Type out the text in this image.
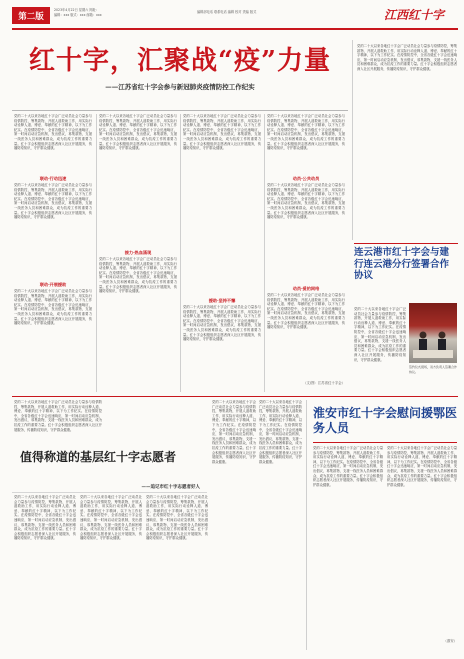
第二版
2023年4月22日 星期六 网址：
编辑：xxx 版式：xxx 邮箱：xxx
编辑部电话 联系电话 编辑 校对 责编 版式	江西红十字
红十字，汇聚战“疫”力量
——江苏省红十字会参与新冠肺炎疫情防控工作纪实
党的二十大以来各地红十字会广泛动员社会力量参与疫情防控，筹集款物，开展人道救助工作，用实际行动诠释人道、博爱、奉献的红十字精神，以下为工作纪实。在疫情防控中，全省各级红十字会迅速响应，第一时间启动应急机制，发出倡议，募集款物，支援一线医务人员和困难群众，成为抗疫工作的重要力量。红十字会积极组织志愿者深入社区开展服务，传播防疫知识，守护群众健康。
联动·行动迅速
党的二十大以来各地红十字会广泛动员社会力量参与疫情防控，筹集款物，开展人道救助工作，用实际行动诠释人道、博爱、奉献的红十字精神，以下为工作纪实。在疫情防控中，全省各级红十字会迅速响应，第一时间启动应急机制，发出倡议，募集款物，支援一线医务人员和困难群众，成为抗疫工作的重要力量。红十字会积极组织志愿者深入社区开展服务，传播防疫知识，守护群众健康。
联动·开展援助
党的二十大以来各地红十字会广泛动员社会力量参与疫情防控，筹集款物，开展人道救助工作，用实际行动诠释人道、博爱、奉献的红十字精神，以下为工作纪实。在疫情防控中，全省各级红十字会迅速响应，第一时间启动应急机制，发出倡议，募集款物，支援一线医务人员和困难群众，成为抗疫工作的重要力量。红十字会积极组织志愿者深入社区开展服务，传播防疫知识，守护群众健康。
党的二十大以来各地红十字会广泛动员社会力量参与疫情防控，筹集款物，开展人道救助工作，用实际行动诠释人道、博爱、奉献的红十字精神，以下为工作纪实。在疫情防控中，全省各级红十字会迅速响应，第一时间启动应急机制，发出倡议，募集款物，支援一线医务人员和困难群众，成为抗疫工作的重要力量。红十字会积极组织志愿者深入社区开展服务，传播防疫知识，守护群众健康。
接力·热血涌现
党的二十大以来各地红十字会广泛动员社会力量参与疫情防控，筹集款物，开展人道救助工作，用实际行动诠释人道、博爱、奉献的红十字精神，以下为工作纪实。在疫情防控中，全省各级红十字会迅速响应，第一时间启动应急机制，发出倡议，募集款物，支援一线医务人员和困难群众，成为抗疫工作的重要力量。红十字会积极组织志愿者深入社区开展服务，传播防疫知识，守护群众健康。
党的二十大以来各地红十字会广泛动员社会力量参与疫情防控，筹集款物，开展人道救助工作，用实际行动诠释人道、博爱、奉献的红十字精神，以下为工作纪实。在疫情防控中，全省各级红十字会迅速响应，第一时间启动应急机制，发出倡议，募集款物，支援一线医务人员和困难群众，成为抗疫工作的重要力量。红十字会积极组织志愿者深入社区开展服务，传播防疫知识，守护群众健康。
援助·坚持不懈
党的二十大以来各地红十字会广泛动员社会力量参与疫情防控，筹集款物，开展人道救助工作，用实际行动诠释人道、博爱、奉献的红十字精神，以下为工作纪实。在疫情防控中，全省各级红十字会迅速响应，第一时间启动应急机制，发出倡议，募集款物，支援一线医务人员和困难群众，成为抗疫工作的重要力量。红十字会积极组织志愿者深入社区开展服务，传播防疫知识，守护群众健康。
党的二十大以来各地红十字会广泛动员社会力量参与疫情防控，筹集款物，开展人道救助工作，用实际行动诠释人道、博爱、奉献的红十字精神，以下为工作纪实。在疫情防控中，全省各级红十字会迅速响应，第一时间启动应急机制，发出倡议，募集款物，支援一线医务人员和困难群众，成为抗疫工作的重要力量。红十字会积极组织志愿者深入社区开展服务，传播防疫知识，守护群众健康。
动员·公共动员
党的二十大以来各地红十字会广泛动员社会力量参与疫情防控，筹集款物，开展人道救助工作，用实际行动诠释人道、博爱、奉献的红十字精神，以下为工作纪实。在疫情防控中，全省各级红十字会迅速响应，第一时间启动应急机制，发出倡议，募集款物，支援一线医务人员和困难群众，成为抗疫工作的重要力量。红十字会积极组织志愿者深入社区开展服务，传播防疫知识，守护群众健康。
动员·爱的网络
党的二十大以来各地红十字会广泛动员社会力量参与疫情防控，筹集款物，开展人道救助工作，用实际行动诠释人道、博爱、奉献的红十字精神，以下为工作纪实。在疫情防控中，全省各级红十字会迅速响应，第一时间启动应急机制，发出倡议，募集款物，支援一线医务人员和困难群众，成为抗疫工作的重要力量。红十字会积极组织志愿者深入社区开展服务，传播防疫知识，守护群众健康。
（文/图：江苏省红十字会）
党的二十大以来各地红十字会广泛动员社会力量参与疫情防控，筹集款物，开展人道救助工作，用实际行动诠释人道、博爱、奉献的红十字精神，以下为工作纪实。在疫情防控中，全省各级红十字会迅速响应，第一时间启动应急机制，发出倡议，募集款物，支援一线医务人员和困难群众，成为抗疫工作的重要力量。红十字会积极组织志愿者深入社区开展服务，传播防疫知识，守护群众健康。
连云港市红十字会与建行连云港分行签署合作协议
党的二十大以来各地红十字会广泛动员社会力量参与疫情防控，筹集款物，开展人道救助工作，用实际行动诠释人道、博爱、奉献的红十字精神，以下为工作纪实。在疫情防控中，全省各级红十字会迅速响应，第一时间启动应急机制，发出倡议，募集款物，支援一线医务人员和困难群众，成为抗疫工作的重要力量。红十字会积极组织志愿者深入社区开展服务，传播防疫知识，守护群众健康。
签约仪式现场，双方负责人签署合作协议。
党的二十大以来各地红十字会广泛动员社会力量参与疫情防控，筹集款物，开展人道救助工作，用实际行动诠释人道、博爱、奉献的红十字精神，以下为工作纪实。在疫情防控中，全省各级红十字会迅速响应，第一时间启动应急机制，发出倡议，募集款物，支援一线医务人员和困难群众，成为抗疫工作的重要力量。红十字会积极组织志愿者深入社区开展服务，传播防疫知识，守护群众健康。
值得称道的基层红十字志愿者
——追记市红十字志愿者好人
党的二十大以来各地红十字会广泛动员社会力量参与疫情防控，筹集款物，开展人道救助工作，用实际行动诠释人道、博爱、奉献的红十字精神，以下为工作纪实。在疫情防控中，全省各级红十字会迅速响应，第一时间启动应急机制，发出倡议，募集款物，支援一线医务人员和困难群众，成为抗疫工作的重要力量。红十字会积极组织志愿者深入社区开展服务，传播防疫知识，守护群众健康。
党的二十大以来各地红十字会广泛动员社会力量参与疫情防控，筹集款物，开展人道救助工作，用实际行动诠释人道、博爱、奉献的红十字精神，以下为工作纪实。在疫情防控中，全省各级红十字会迅速响应，第一时间启动应急机制，发出倡议，募集款物，支援一线医务人员和困难群众，成为抗疫工作的重要力量。红十字会积极组织志愿者深入社区开展服务，传播防疫知识，守护群众健康。
党的二十大以来各地红十字会广泛动员社会力量参与疫情防控，筹集款物，开展人道救助工作，用实际行动诠释人道、博爱、奉献的红十字精神，以下为工作纪实。在疫情防控中，全省各级红十字会迅速响应，第一时间启动应急机制，发出倡议，募集款物，支援一线医务人员和困难群众，成为抗疫工作的重要力量。红十字会积极组织志愿者深入社区开展服务，传播防疫知识，守护群众健康。
党的二十大以来各地红十字会广泛动员社会力量参与疫情防控，筹集款物，开展人道救助工作，用实际行动诠释人道、博爱、奉献的红十字精神，以下为工作纪实。在疫情防控中，全省各级红十字会迅速响应，第一时间启动应急机制，发出倡议，募集款物，支援一线医务人员和困难群众，成为抗疫工作的重要力量。红十字会积极组织志愿者深入社区开展服务，传播防疫知识，守护群众健康。
党的二十大以来各地红十字会广泛动员社会力量参与疫情防控，筹集款物，开展人道救助工作，用实际行动诠释人道、博爱、奉献的红十字精神，以下为工作纪实。在疫情防控中，全省各级红十字会迅速响应，第一时间启动应急机制，发出倡议，募集款物，支援一线医务人员和困难群众，成为抗疫工作的重要力量。红十字会积极组织志愿者深入社区开展服务，传播防疫知识，守护群众健康。
淮安市红十字会慰问援鄂医务人员
党的二十大以来各地红十字会广泛动员社会力量参与疫情防控，筹集款物，开展人道救助工作，用实际行动诠释人道、博爱、奉献的红十字精神，以下为工作纪实。在疫情防控中，全省各级红十字会迅速响应，第一时间启动应急机制，发出倡议，募集款物，支援一线医务人员和困难群众，成为抗疫工作的重要力量。红十字会积极组织志愿者深入社区开展服务，传播防疫知识，守护群众健康。
党的二十大以来各地红十字会广泛动员社会力量参与疫情防控，筹集款物，开展人道救助工作，用实际行动诠释人道、博爱、奉献的红十字精神，以下为工作纪实。在疫情防控中，全省各级红十字会迅速响应，第一时间启动应急机制，发出倡议，募集款物，支援一线医务人员和困难群众，成为抗疫工作的重要力量。红十字会积极组织志愿者深入社区开展服务，传播防疫知识，守护群众健康。
（淮安）
